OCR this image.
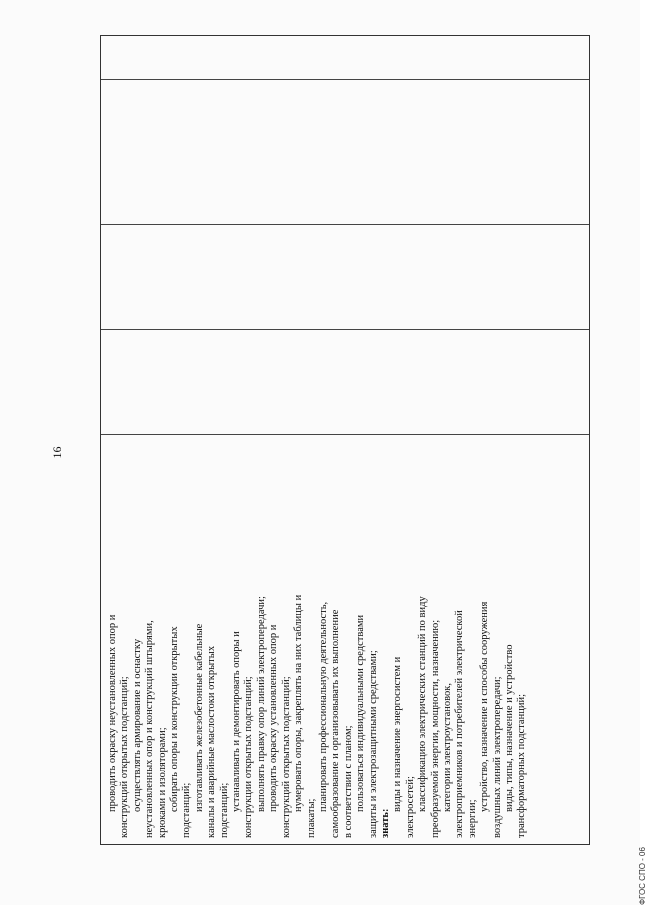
16
проводить окраску неустановленных опор и конструкций открытых подстанций; осуществлять армирование и оснастку неустановленных опор и конструкций штырями, крюками и изоляторами; собирать опоры и конструкции открытых подстанций; изготавливать железобетонные кабельные каналы и аварийные маслостоки открытых подстанций; устанавливать и демонтировать опоры и конструкции открытых подстанций; выполнять правку опор линий электропередачи; проводить окраску установленных опор и конструкций открытых подстанций; нумеровать опоры, закреплять на них таблицы и
плакаты;
планировать профессиональную деятельность, самообразование и организовывать их выполнение в соответствии с планом; пользоваться индивидуальными средствами защиты и электрозащитными средствами; знать:
виды и назначение энергосистем и электросетей; классификацию электрических станций по виду преобразуемой энергии, мощности, назначению; категории электроустановок, электроприемников и потребителей электрической энергии;
устройство, назначение и способы сооружения воздушных линий электропередачи; виды, типы, назначение и устройство трансформаторных подстанций;
ФГОС СПО - 06
